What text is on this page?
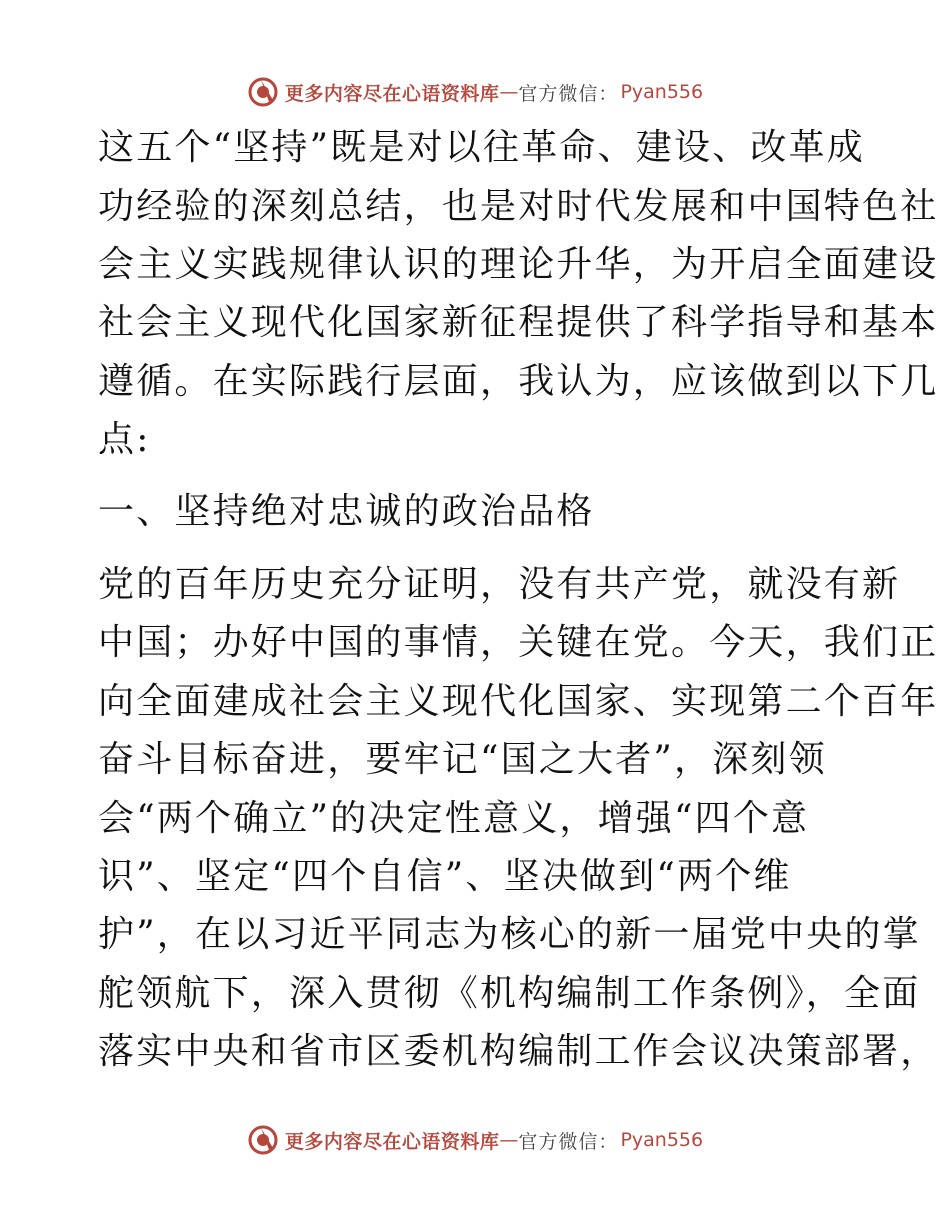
更多内容尽在心语资料库 — 官方微信： Pyan556
这五个“坚持”既是对以往革命、建设、改革成
功经验的深刻总结，也是对时代发展和中国特色社
会主义实践规律认识的理论升华，为开启全面建设
社会主义现代化国家新征程提供了科学指导和基本
遵循。在实际践行层面，我认为，应该做到以下几
点:
一、坚持绝对忠诚的政治品格
党的百年历史充分证明，没有共产党，就没有新
中国；办好中国的事情，关键在党。今天，我们正
向全面建成社会主义现代化国家、实现第二个百年
奋斗目标奋进，要牢记“国之大者”，深刻领
会“两个确立”的决定性意义，增强“四个意
识”、坚定“四个自信”、坚决做到“两个维
护”，在以习近平同志为核心的新一届党中央的掌
舵领航下，深入贯彻《机构编制工作条例》，全面
落实中央和省市区委机构编制工作会议决策部署，
更多内容尽在心语资料库 — 官方微信： Pyan556
